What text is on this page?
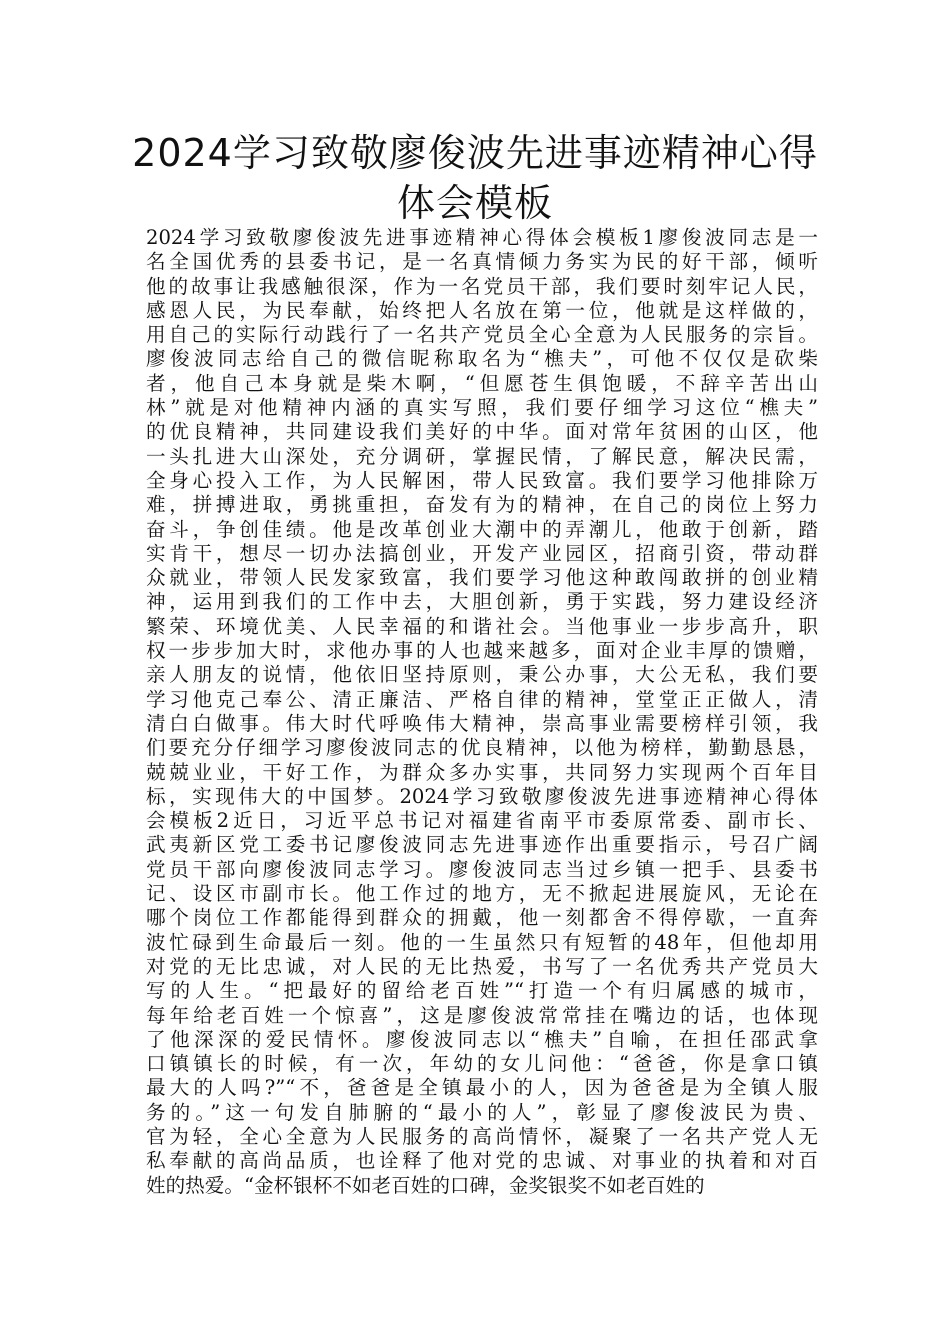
2024学习致敬廖俊波先进事迹精神心得
体会模板
2024学习致敬廖俊波先进事迹精神心得体会模板1廖俊波同志是一
名全国优秀的县委书记，是一名真情倾力务实为民的好干部，倾听
他的故事让我感触很深，作为一名党员干部，我们要时刻牢记人民，
感恩人民，为民奉献，始终把人名放在第一位，他就是这样做的，
用自己的实际行动践行了一名共产党员全心全意为人民服务的宗旨。
廖俊波同志给自己的微信昵称取名为“樵夫”，可他不仅仅是砍柴
者，他自己本身就是柴木啊，“但愿苍生俱饱暖，不辞辛苦出山
林”就是对他精神内涵的真实写照，我们要仔细学习这位“樵夫”
的优良精神，共同建设我们美好的中华。面对常年贫困的山区，他
一头扎进大山深处，充分调研，掌握民情，了解民意，解决民需，
全身心投入工作，为人民解困，带人民致富。我们要学习他排除万
难，拼搏进取，勇挑重担，奋发有为的精神，在自己的岗位上努力
奋斗，争创佳绩。他是改革创业大潮中的弄潮儿，他敢于创新，踏
实肯干，想尽一切办法搞创业，开发产业园区，招商引资，带动群
众就业，带领人民发家致富，我们要学习他这种敢闯敢拼的创业精
神，运用到我们的工作中去，大胆创新，勇于实践，努力建设经济
繁荣、环境优美、人民幸福的和谐社会。当他事业一步步高升，职
权一步步加大时，求他办事的人也越来越多，面对企业丰厚的馈赠，
亲人朋友的说情，他依旧坚持原则，秉公办事，大公无私，我们要
学习他克己奉公、清正廉洁、严格自律的精神，堂堂正正做人，清
清白白做事。伟大时代呼唤伟大精神，崇高事业需要榜样引领，我
们要充分仔细学习廖俊波同志的优良精神，以他为榜样，勤勤恳恳，
兢兢业业，干好工作，为群众多办实事，共同努力实现两个百年目
标，实现伟大的中国梦。2024学习致敬廖俊波先进事迹精神心得体
会模板2近日，习近平总书记对福建省南平市委原常委、副市长、
武夷新区党工委书记廖俊波同志先进事迹作出重要指示，号召广阔
党员干部向廖俊波同志学习。廖俊波同志当过乡镇一把手、县委书
记、设区市副市长。他工作过的地方，无不掀起进展旋风，无论在
哪个岗位工作都能得到群众的拥戴，他一刻都舍不得停歇，一直奔
波忙碌到生命最后一刻。他的一生虽然只有短暂的48年，但他却用
对党的无比忠诚，对人民的无比热爱，书写了一名优秀共产党员大
写的人生。“把最好的留给老百姓”“打造一个有归属感的城市，
每年给老百姓一个惊喜”，这是廖俊波常常挂在嘴边的话，也体现
了他深深的爱民情怀。廖俊波同志以“樵夫”自喻，在担任邵武拿
口镇镇长的时候，有一次，年幼的女儿问他：“爸爸，你是拿口镇
最大的人吗?”“不，爸爸是全镇最小的人，因为爸爸是为全镇人服
务的。”这一句发自肺腑的“最小的人”，彰显了廖俊波民为贵、
官为轻，全心全意为人民服务的高尚情怀，凝聚了一名共产党人无
私奉献的高尚品质，也诠释了他对党的忠诚、对事业的执着和对百
姓的热爱。“金杯银杯不如老百姓的口碑，金奖银奖不如老百姓的
